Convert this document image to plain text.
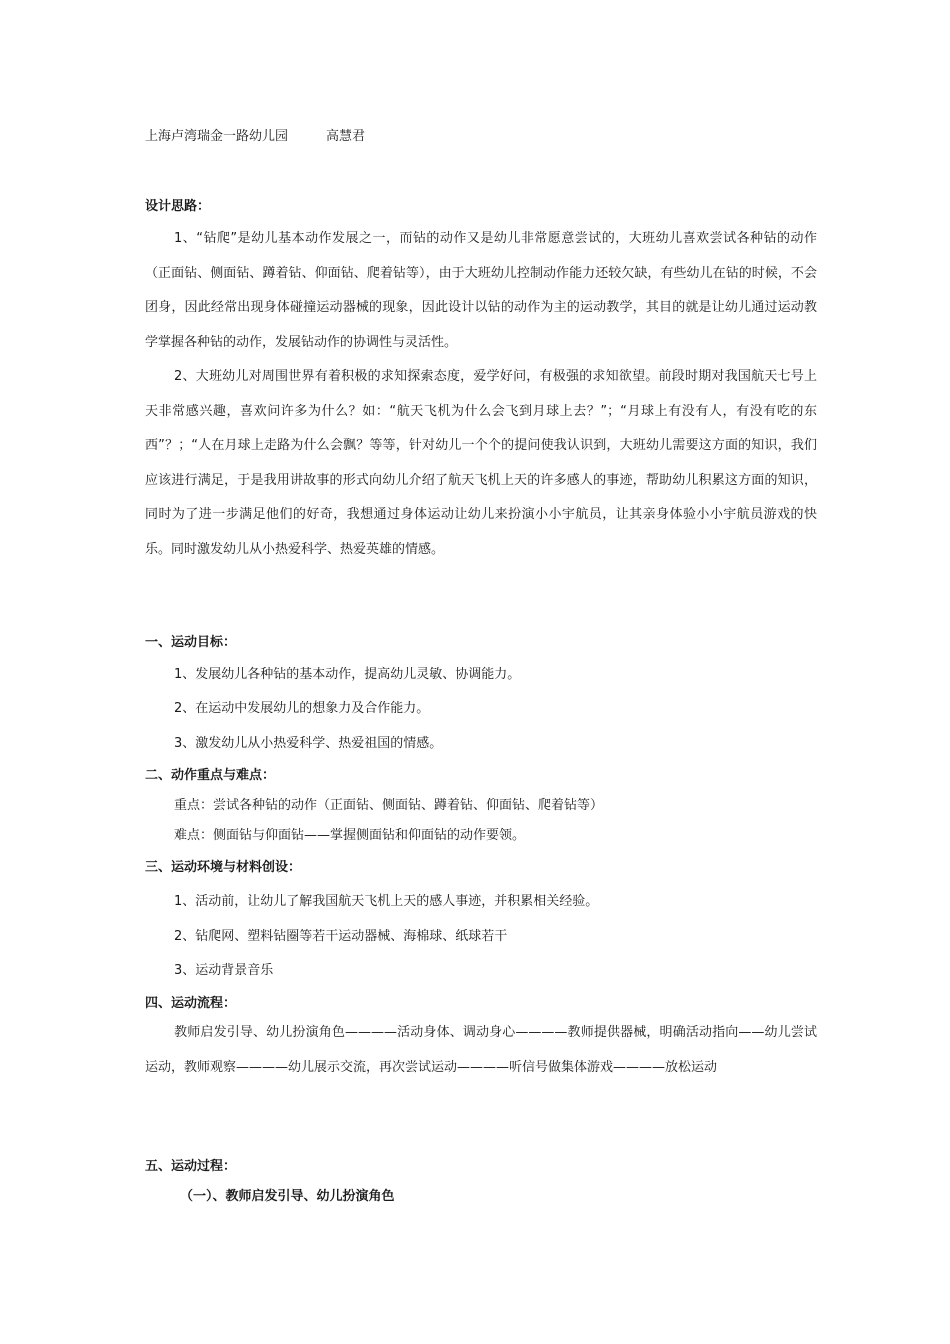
上海卢湾瑞金一路幼儿园	高慧君
设计思路：
1、“钻爬”是幼儿基本动作发展之一，而钻的动作又是幼儿非常愿意尝试的，大班幼儿喜欢尝试各种钻的动作（正面钻、侧面钻、蹲着钻、仰面钻、爬着钻等），由于大班幼儿控制动作能力还较欠缺，有些幼儿在钻的时候，不会团身，因此经常出现身体碰撞运动器械的现象，因此设计以钻的动作为主的运动教学，其目的就是让幼儿通过运动教学掌握各种钻的动作，发展钻动作的协调性与灵活性。
2、大班幼儿对周围世界有着积极的求知探索态度，爱学好问，有极强的求知欲望。前段时期对我国航天七号上天非常感兴趣，喜欢问许多为什么？如：“航天飞机为什么会飞到月球上去？”；“月球上有没有人，有没有吃的东西”？；“人在月球上走路为什么会飘？等等，针对幼儿一个个的提问使我认识到，大班幼儿需要这方面的知识，我们应该进行满足，于是我用讲故事的形式向幼儿介绍了航天飞机上天的许多感人的事迹，帮助幼儿积累这方面的知识，同时为了进一步满足他们的好奇，我想通过身体运动让幼儿来扮演小小宇航员，让其亲身体验小小宇航员游戏的快乐。同时激发幼儿从小热爱科学、热爱英雄的情感。
一、运动目标：
1、发展幼儿各种钻的基本动作，提高幼儿灵敏、协调能力。
2、在运动中发展幼儿的想象力及合作能力。
3、激发幼儿从小热爱科学、热爱祖国的情感。
二、动作重点与难点：
重点：尝试各种钻的动作（正面钻、侧面钻、蹲着钻、仰面钻、爬着钻等）
难点：侧面钻与仰面钻——掌握侧面钻和仰面钻的动作要领。
三、运动环境与材料创设：
1、活动前，让幼儿了解我国航天飞机上天的感人事迹，并积累相关经验。
2、钻爬网、塑料钻圈等若干运动器械、海棉球、纸球若干
3、运动背景音乐
四、运动流程：
教师启发引导、幼儿扮演角色————活动身体、调动身心————教师提供器械，明确活动指向——幼儿尝试运动，教师观察————幼儿展示交流，再次尝试运动————听信号做集体游戏————放松运动
五、运动过程：
（一）、教师启发引导、幼儿扮演角色
